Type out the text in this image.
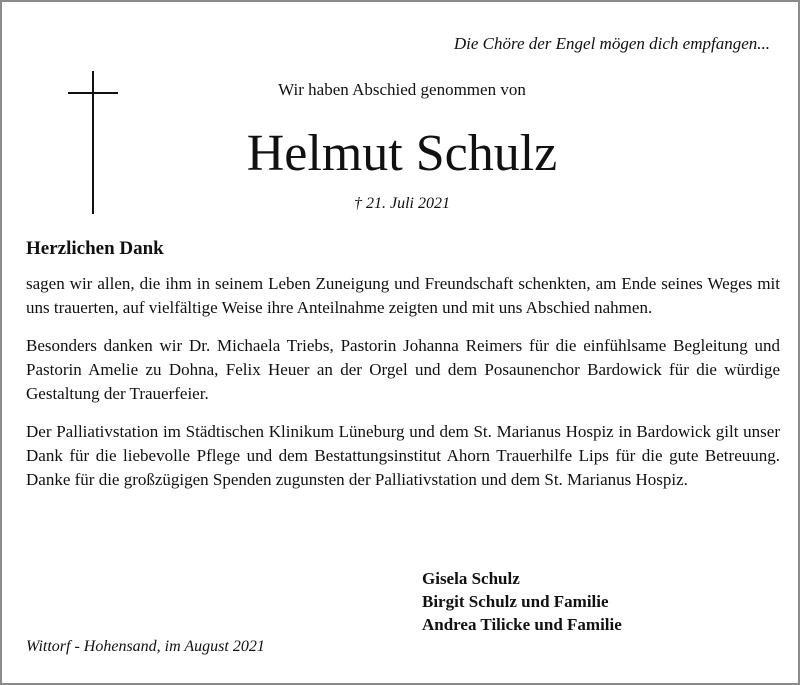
Die Chöre der Engel mögen dich empfangen...
Wir haben Abschied genommen von
Helmut Schulz
† 21. Juli 2021
Herzlichen Dank

sagen wir allen, die ihm in seinem Leben Zuneigung und Freundschaft schenkten, am Ende seines Weges mit uns trauerten, auf vielfältige Weise ihre Anteilnahme zeigten und mit uns Abschied nahmen.

Besonders danken wir Dr. Michaela Triebs, Pastorin Johanna Reimers für die einfühlsame Begleitung und Pastorin Amelie zu Dohna, Felix Heuer an der Orgel und dem Posaunenchor Bardowick für die würdige Gestaltung der Trauerfeier.

Der Palliativstation im Städtischen Klinikum Lüneburg und dem St. Marianus Hospiz in Bardowick gilt unser Dank für die liebevolle Pflege und dem Bestattungsinstitut Ahorn Trauerhilfe Lips für die gute Betreuung. Danke für die großzügigen Spenden zugunsten der Palliativstation und dem St. Marianus Hospiz.

Gisela Schulz
Birgit Schulz und Familie
Andrea Tilicke und Familie
Wittorf - Hohensand, im August 2021
